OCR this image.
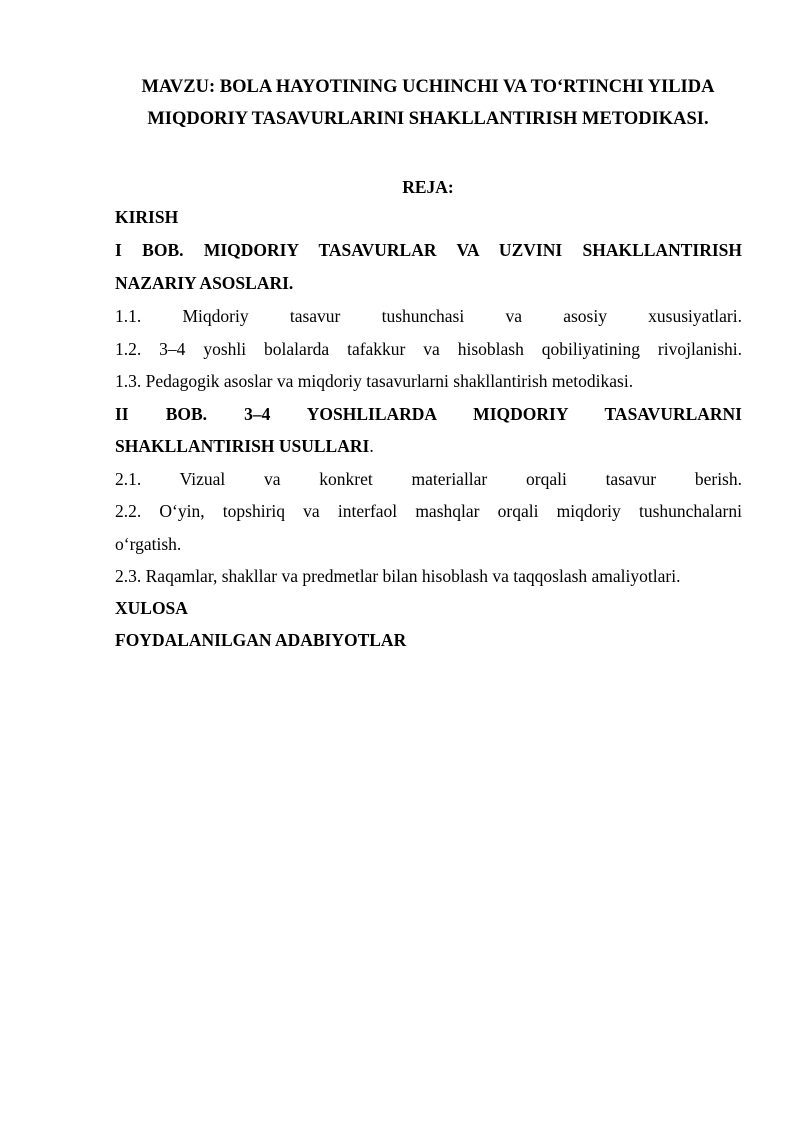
MAVZU: BOLA HAYOTINING UCHINCHI VA TO‘RTINCHI YILIDA
MIQDORIY TASAVURLARINI SHAKLLANTIRISH METODIKASI.
REJA:
KIRISH
I BOB. MIQDORIY TASAVURLAR VA UZVINI SHAKLLANTIRISH
NAZARIY ASOSLARI.
1.1. Miqdoriy tasavur tushunchasi va asosiy xususiyatlari.
1.2. 3–4 yoshli bolalarda tafakkur va hisoblash qobiliyatining rivojlanishi.
1.3. Pedagogik asoslar va miqdoriy tasavurlarni shakllantirish metodikasi.
II BOB. 3–4 YOSHLILARDA MIQDORIY TASAVURLARNI
SHAKLLANTIRISH USULLARI.
2.1. Vizual va konkret materiallar orqali tasavur berish.
2.2. O‘yin, topshiriq va interfaol mashqlar orqali miqdoriy tushunchalarni
o‘rgatish.
2.3. Raqamlar, shakllar va predmetlar bilan hisoblash va taqqoslash amaliyotlari.
XULOSA
FOYDALANILGAN ADABIYOTLAR
